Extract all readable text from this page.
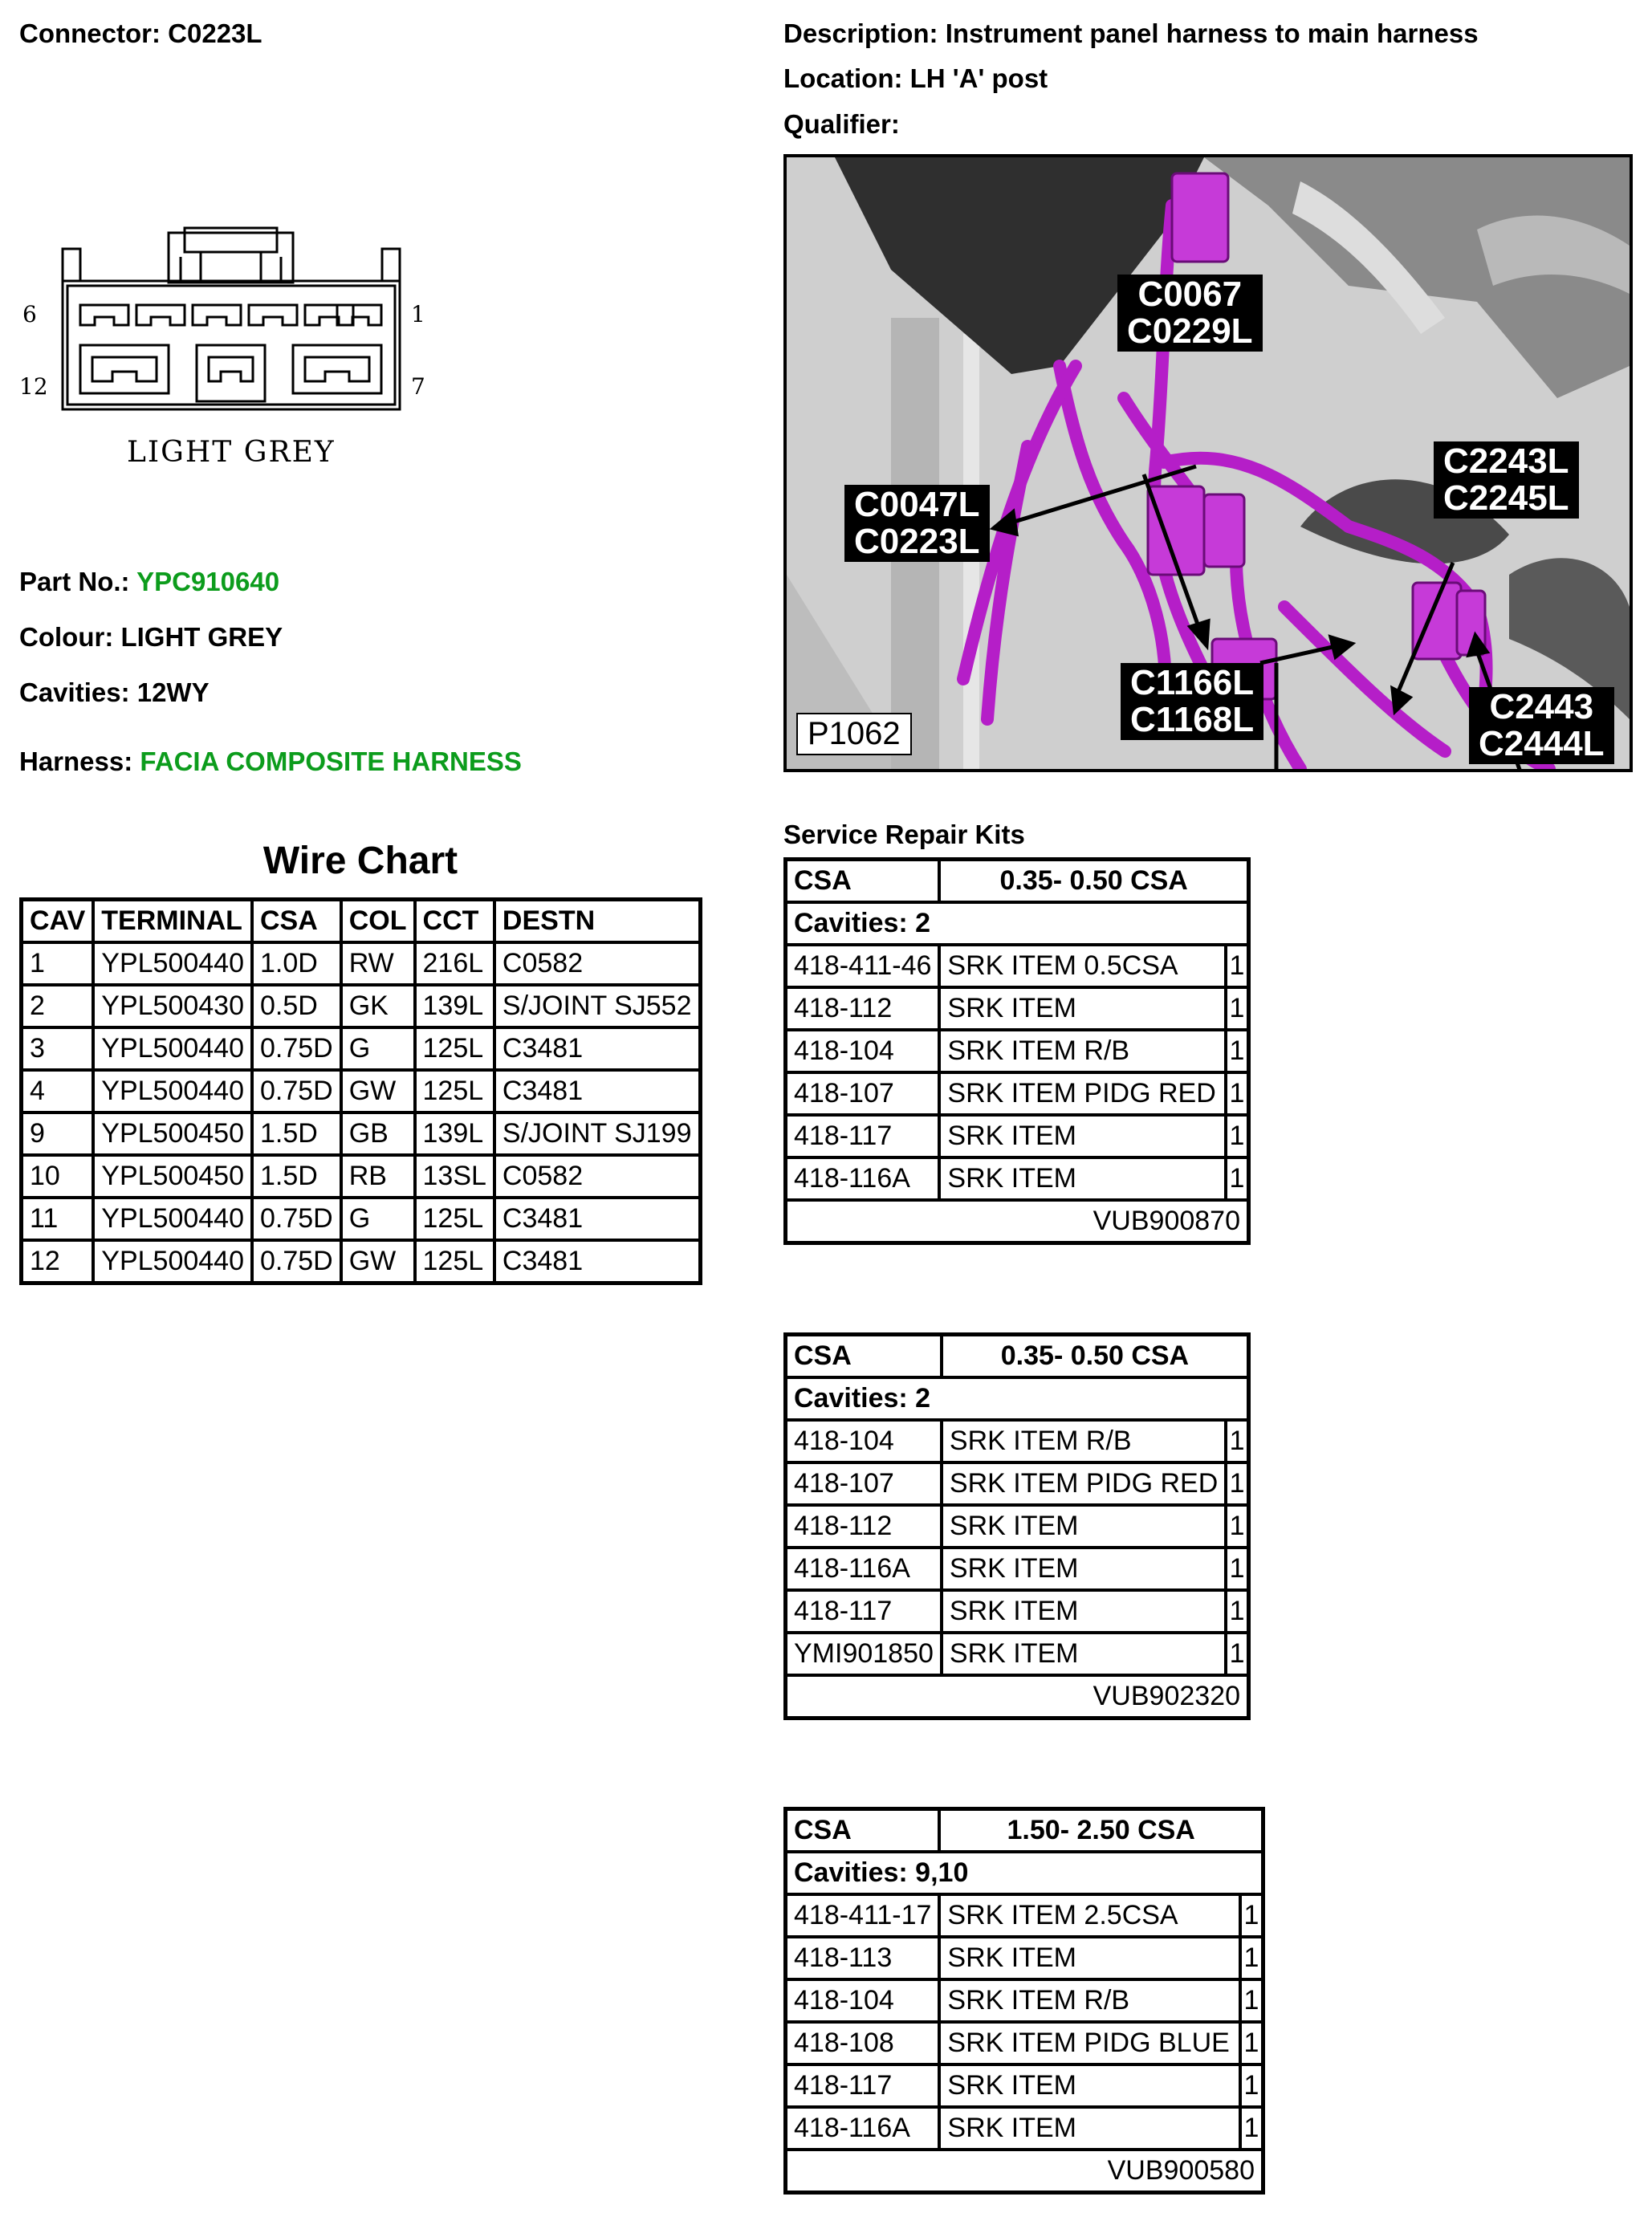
Connector: C0223L	Description: Instrument panel harness to main harness
Location: LH 'A' post
Qualifier:
6	1
12	7
LIGHT GREY
Part No.: YPC910640
Colour: LIGHT GREY
Cavities: 12WY
Harness: FACIA COMPOSITE HARNESS
C0067
C0229L
C0047L
C0223L
C2243L
C2245L
C1166L
C1168L	C2443
C2444L
P1062
Wire Chart
CAV	TERMINAL	CSA	COL	CCT	DESTN
1	YPL500440	1.0D	RW	216L	C0582
2	YPL500430	0.5D	GK	139L	S/JOINT SJ552
3	YPL500440	0.75D	G	125L	C3481
4	YPL500440	0.75D	GW	125L	C3481
9	YPL500450	1.5D	GB	139L	S/JOINT SJ199
10	YPL500450	1.5D	RB	13SL	C0582
11	YPL500440	0.75D	G	125L	C3481
12	YPL500440	0.75D	GW	125L	C3481
Service Repair Kits
CSA	0.35- 0.50 CSA	
Cavities: 2		
418-411-46	SRK ITEM 0.5CSA	1
418-112	SRK ITEM	1
418-104	SRK ITEM R/B	1
418-107	SRK ITEM PIDG RED	1
418-117	SRK ITEM	1
418-116A	SRK ITEM	1
VUB900870		
CSA	0.35- 0.50 CSA	
Cavities: 2		
418-104	SRK ITEM R/B	1
418-107	SRK ITEM PIDG RED	1
418-112	SRK ITEM	1
418-116A	SRK ITEM	1
418-117	SRK ITEM	1
YMI901850	SRK ITEM	1
VUB902320		
CSA	1.50- 2.50 CSA	
Cavities: 9,10		
418-411-17	SRK ITEM 2.5CSA	1
418-113	SRK ITEM	1
418-104	SRK ITEM R/B	1
418-108	SRK ITEM PIDG BLUE	1
418-117	SRK ITEM	1
418-116A	SRK ITEM	1
VUB900580		
